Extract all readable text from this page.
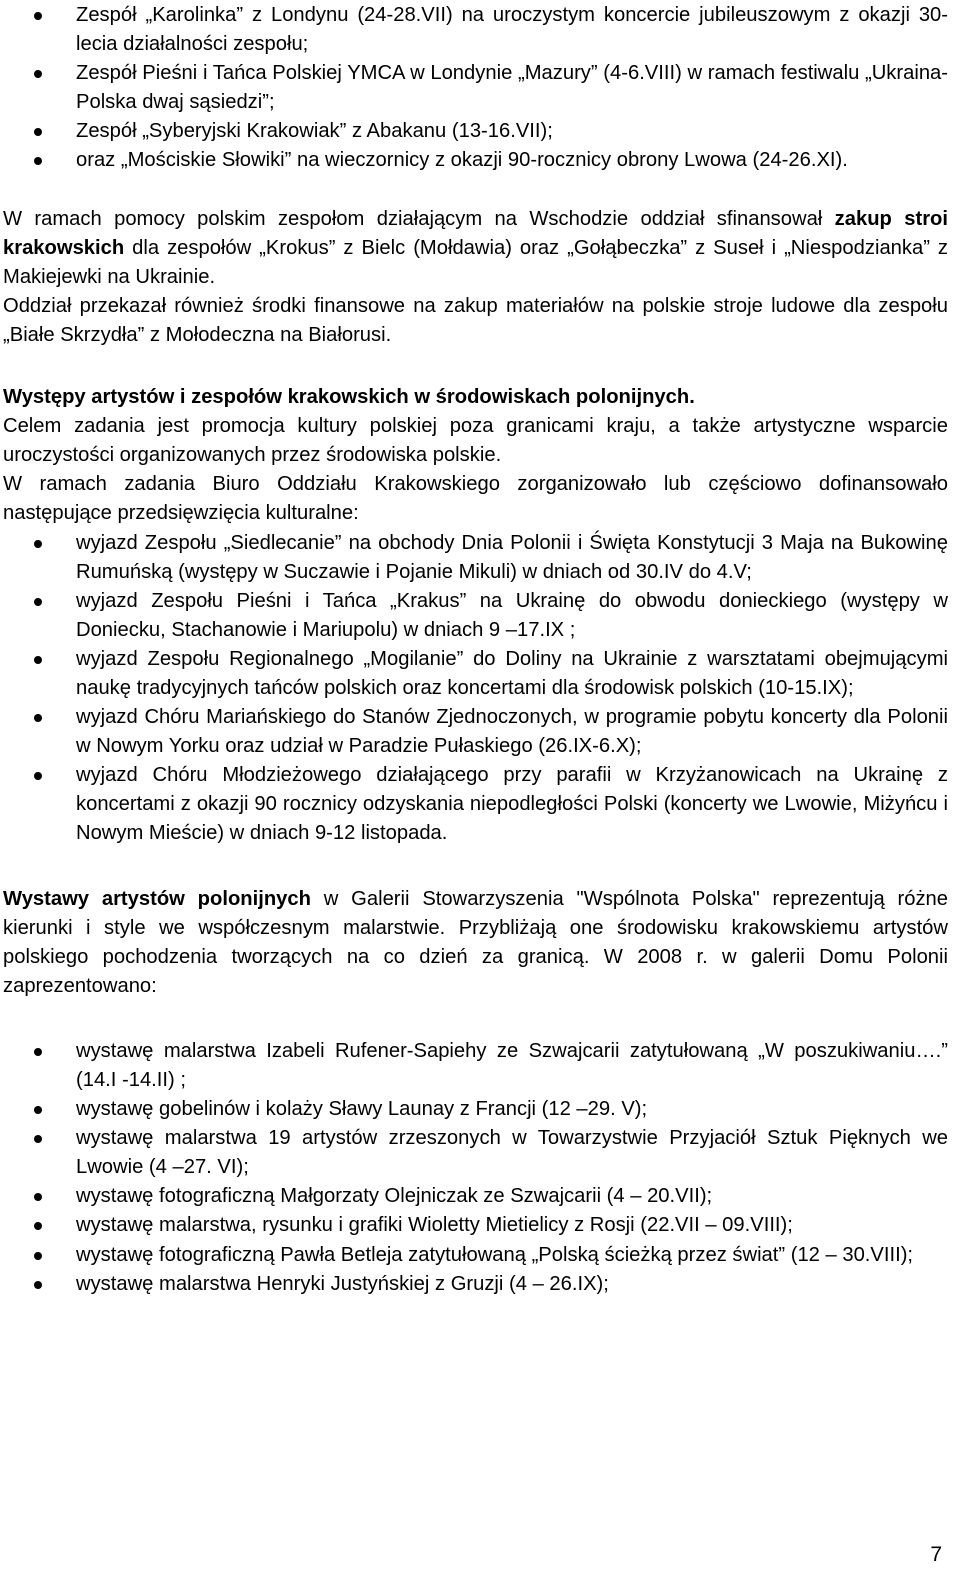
Zespół „Karolinka” z Londynu (24-28.VII) na uroczystym koncercie jubileuszowym z okazji 30-lecia działalności zespołu;
Zespół Pieśni i Tańca Polskiej YMCA w Londynie „Mazury” (4-6.VIII) w ramach festiwalu „Ukraina-Polska dwaj sąsiedzi”;
Zespół „Syberyjski Krakowiak” z Abakanu (13-16.VII);
oraz „Mościskie Słowiki” na wieczornicy z okazji 90-rocznicy obrony Lwowa (24-26.XI).

W ramach pomocy polskim zespołom działającym na Wschodzie oddział sfinansował zakup stroi krakowskich dla zespołów „Krokus” z Bielc (Mołdawia) oraz „Gołąbeczka” z Suseł i „Niespodzianka” z Makiejewki na Ukrainie.

Oddział przekazał również środki finansowe na zakup materiałów na polskie stroje ludowe dla zespołu „Białe Skrzydła” z Mołodeczna na Białorusi.

Występy artystów i zespołów krakowskich w środowiskach polonijnych.

Celem zadania jest promocja kultury polskiej poza granicami kraju, a także artystyczne wsparcie uroczystości organizowanych przez środowiska polskie.

W ramach zadania Biuro Oddziału Krakowskiego zorganizowało lub częściowo dofinansowało następujące przedsięwzięcia kulturalne:

wyjazd Zespołu „Siedlecanie” na obchody Dnia Polonii i Święta Konstytucji 3 Maja na Bukowinę Rumuńską (występy w Suczawie i Pojanie Mikuli) w dniach od 30.IV do 4.V;
wyjazd Zespołu Pieśni i Tańca „Krakus” na Ukrainę do obwodu donieckiego (występy w Doniecku, Stachanowie i Mariupolu) w dniach 9 –17.IX ;
wyjazd Zespołu Regionalnego „Mogilanie” do Doliny na Ukrainie z warsztatami obejmującymi naukę tradycyjnych tańców polskich oraz koncertami dla środowisk polskich (10-15.IX);
wyjazd Chóru Mariańskiego do Stanów Zjednoczonych, w programie pobytu koncerty dla Polonii w Nowym Yorku oraz udział w Paradzie Pułaskiego (26.IX-6.X);
wyjazd Chóru Młodzieżowego działającego przy parafii w Krzyżanowicach na Ukrainę z koncertami z okazji 90 rocznicy odzyskania niepodległości Polski (koncerty we Lwowie, Miżyńcu i Nowym Mieście) w dniach 9-12 listopada.

Wystawy artystów polonijnych w Galerii Stowarzyszenia "Wspólnota Polska" reprezentują różne kierunki i style we współczesnym malarstwie. Przybliżają one środowisku krakowskiemu artystów polskiego pochodzenia tworzących na co dzień za granicą. W 2008 r. w galerii Domu Polonii zaprezentowano:

wystawę malarstwa Izabeli Rufener-Sapiehy ze Szwajcarii zatytułowaną „W poszukiwaniu….” (14.I -14.II) ;
wystawę gobelinów i kolaży Sławy Launay z Francji (12 –29. V);
wystawę malarstwa 19 artystów zrzeszonych w Towarzystwie Przyjaciół Sztuk Pięknych we Lwowie (4 –27. VI);
wystawę fotograficzną Małgorzaty Olejniczak ze Szwajcarii (4 – 20.VII);
wystawę malarstwa, rysunku i grafiki Wioletty Mietielicy z Rosji (22.VII – 09.VIII);
wystawę fotograficzną Pawła Betleja zatytułowaną „Polską ścieżką przez świat” (12 – 30.VIII);
wystawę malarstwa Henryki Justyńskiej z Gruzji (4 – 26.IX);
7
